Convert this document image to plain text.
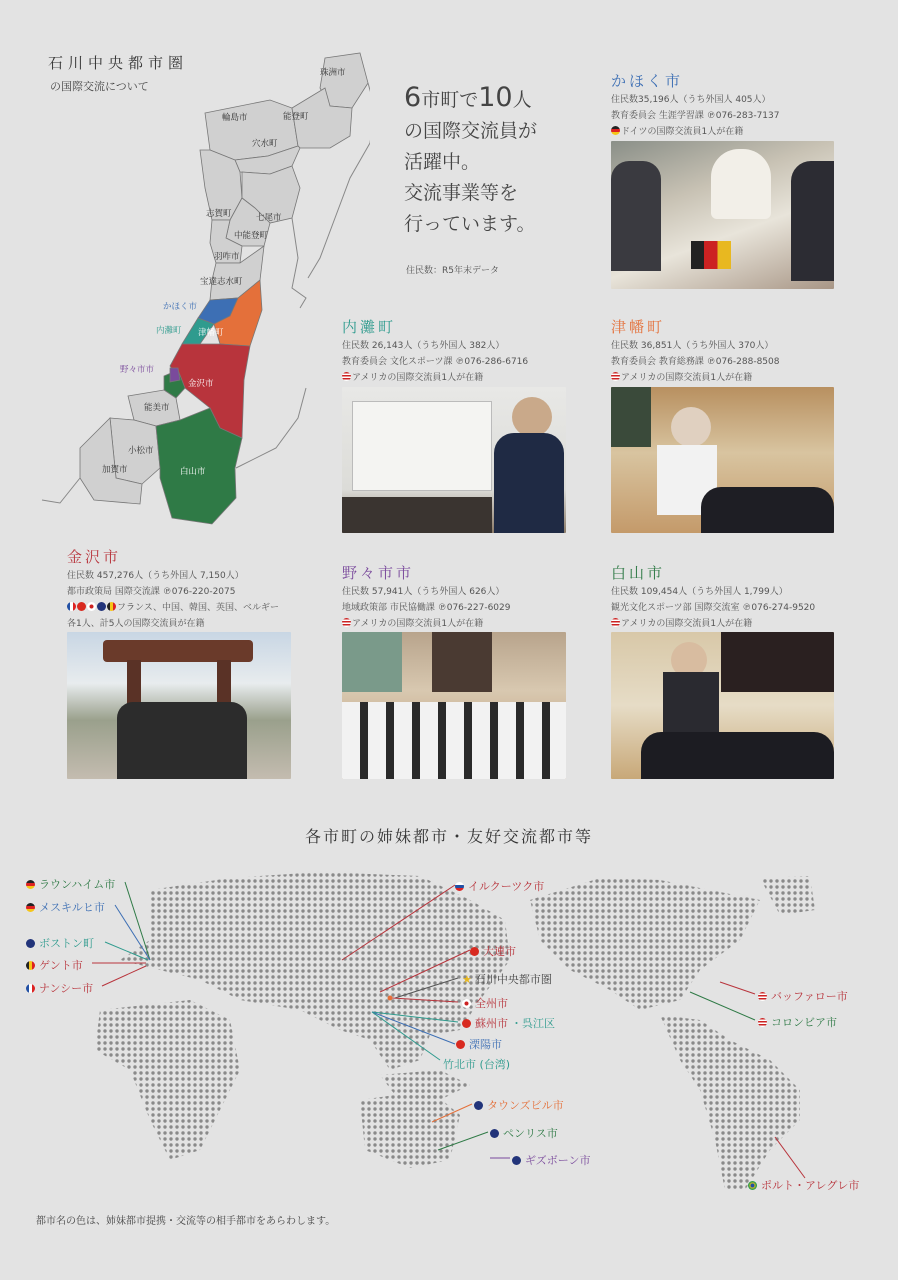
石川中央都市圏
の国際交流について
珠洲市
輪島市	能登町
穴水町
志賀町	七尾市
中能登町
羽咋市
宝達志水町
かほく市
内灘町 津幡町
野々市市
金沢市
能美市
小松市
加賀市	白山市
6市町で10人
の国際交流員が
活躍中。
交流事業等を
行っています。
住民数：R5年末データ
かほく市
住民数35,196人（うち外国人 405人）
教育委員会 生涯学習課 ℗076-283-7137
ドイツの国際交流員1人が在籍
内灘町
住民数 26,143人（うち外国人 382人）
教育委員会 文化スポーツ課 ℗076-286-6716
アメリカの国際交流員1人が在籍
津幡町
住民数 36,851人（うち外国人 370人）
教育委員会 教育総務課 ℗076-288-8508
アメリカの国際交流員1人が在籍
金沢市
住民数 457,276人（うち外国人 7,150人）
都市政策局 国際交流課 ℗076-220-2075
フランス、中国、韓国、英国、ベルギー
各1人、計5人の国際交流員が在籍
野々市市
住民数 57,941人（うち外国人 626人）
地域政策部 市民協働課 ℗076-227-6029
アメリカの国際交流員1人が在籍
白山市
住民数 109,454人（うち外国人 1,799人）
観光文化スポーツ部 国際交流室 ℗076-274-9520
アメリカの国際交流員1人が在籍
各市町の姉妹都市・友好交流都市等
ラウンハイム市
メスキルヒ市
ボストン町
ゲント市
ナンシー市
イルクーツク市
大連市
★ 石川中央都市圏
全州市
蘇州市 ・呉江区
溧陽市
竹北市 (台湾)
タウンズビル市
ペンリス市
ギズボーン市
バッファロー市
コロンビア市
ポルト・アレグレ市
都市名の色は、姉妹都市提携・交流等の相手都市をあらわします。
